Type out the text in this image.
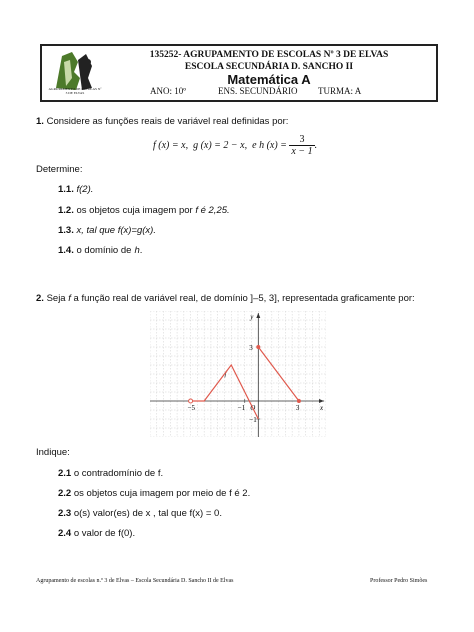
AGRUPAMENTO DE ESCOLAS Nº 3 DE ELVAS
135252- AGRUPAMENTO DE ESCOLAS Nº 3 DE ELVAS
ESCOLA SECUNDÁRIA D. SANCHO II
Matemática A
ANO: 10º	ENS. SECUNDÁRIO TURMA: A
1. Considere as funções reais de variável real definidas por:
f (x) = x, g (x) = 2 − x, e h $(x) = \frac{3}{x - 1}$ .
Determine:
1.1. f(2).
1.2. os objetos cuja imagem por f é 2,25.
1.3. x, tal que f(x)=g(x).
1.4. o domínio de h.
2. Seja f a função real de variável real, de domínio ]–5, 3], representada graficamente por:
−5	−1	3
3
−1
x
y
O
f
Indique:
2.1 o contradomínio de f.
2.2 os objetos cuja imagem por meio de f é 2.
2.3 o(s) valor(es) de x , tal que f(x) = 0.
2.4 o valor de f(0).
Agrupamento de escolas n.º 3 de Elvas – Escola Secundária D. Sancho II de Elvas	Professor Pedro Simões
